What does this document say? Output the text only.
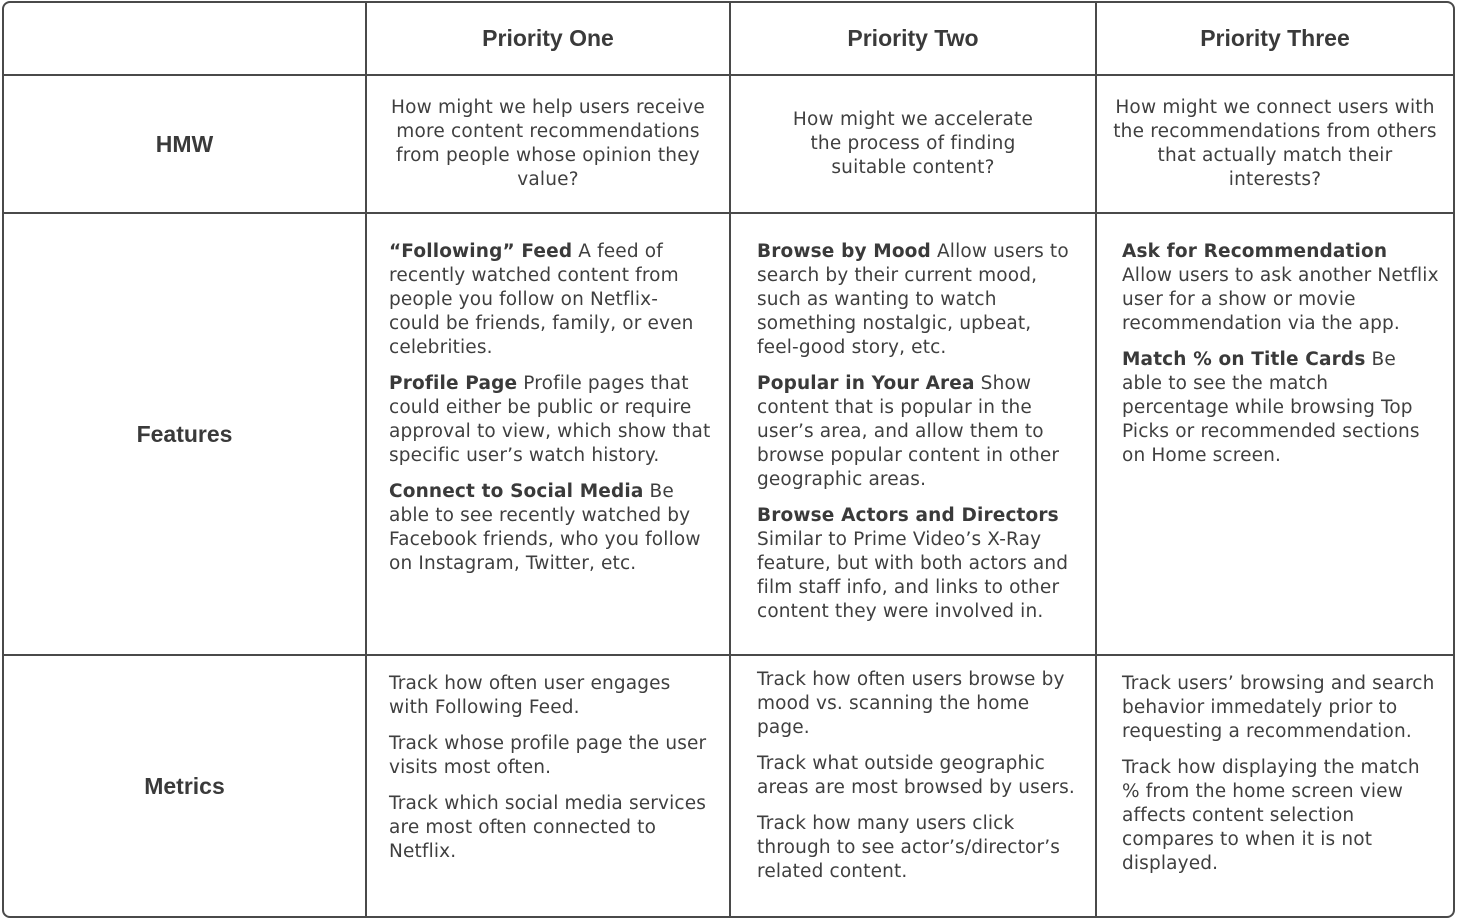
Priority One	Priority Two	Priority Three
HMW
How might we help users receive more content recommendations from people whose opinion they value?
How might we accelerate the process of finding suitable content?
How might we connect users with the recommendations from others that actually match their interests?
Features

“Following” Feed A feed of recently watched content from people you follow on Netflix- could be friends, family, or even celebrities.

Profile Page Profile pages that could either be public or require approval to view, which show that specific user’s watch history.

Connect to Social Media Be able to see recently watched by Facebook friends, who you follow on Instagram, Twitter, etc.

Browse by Mood Allow users to search by their current mood, such as wanting to watch something nostalgic, upbeat, feel-good story, etc.

Popular in Your Area Show content that is popular in the user’s area, and allow them to browse popular content in other geographic areas.

Browse Actors and Directors Similar to Prime Video’s X-Ray feature, but with both actors and film staff info, and links to other content they were involved in.

Ask for Recommendation Allow users to ask another Netflix user for a show or movie recommendation via the app.

Match % on Title Cards Be able to see the match percentage while browsing Top Picks or recommended sections on Home screen.

Metrics

Track how often user engages with Following Feed.

Track whose profile page the user visits most often.

Track which social media services are most often connected to Netflix.

Track how often users browse by mood vs. scanning the home page.

Track what outside geographic areas are most browsed by users.

Track how many users click through to see actor’s/director’s related content.

Track users’ browsing and search behavior immedately prior to requesting a recommendation.

Track how displaying the match % from the home screen view affects content selection compares to when it is not displayed.
